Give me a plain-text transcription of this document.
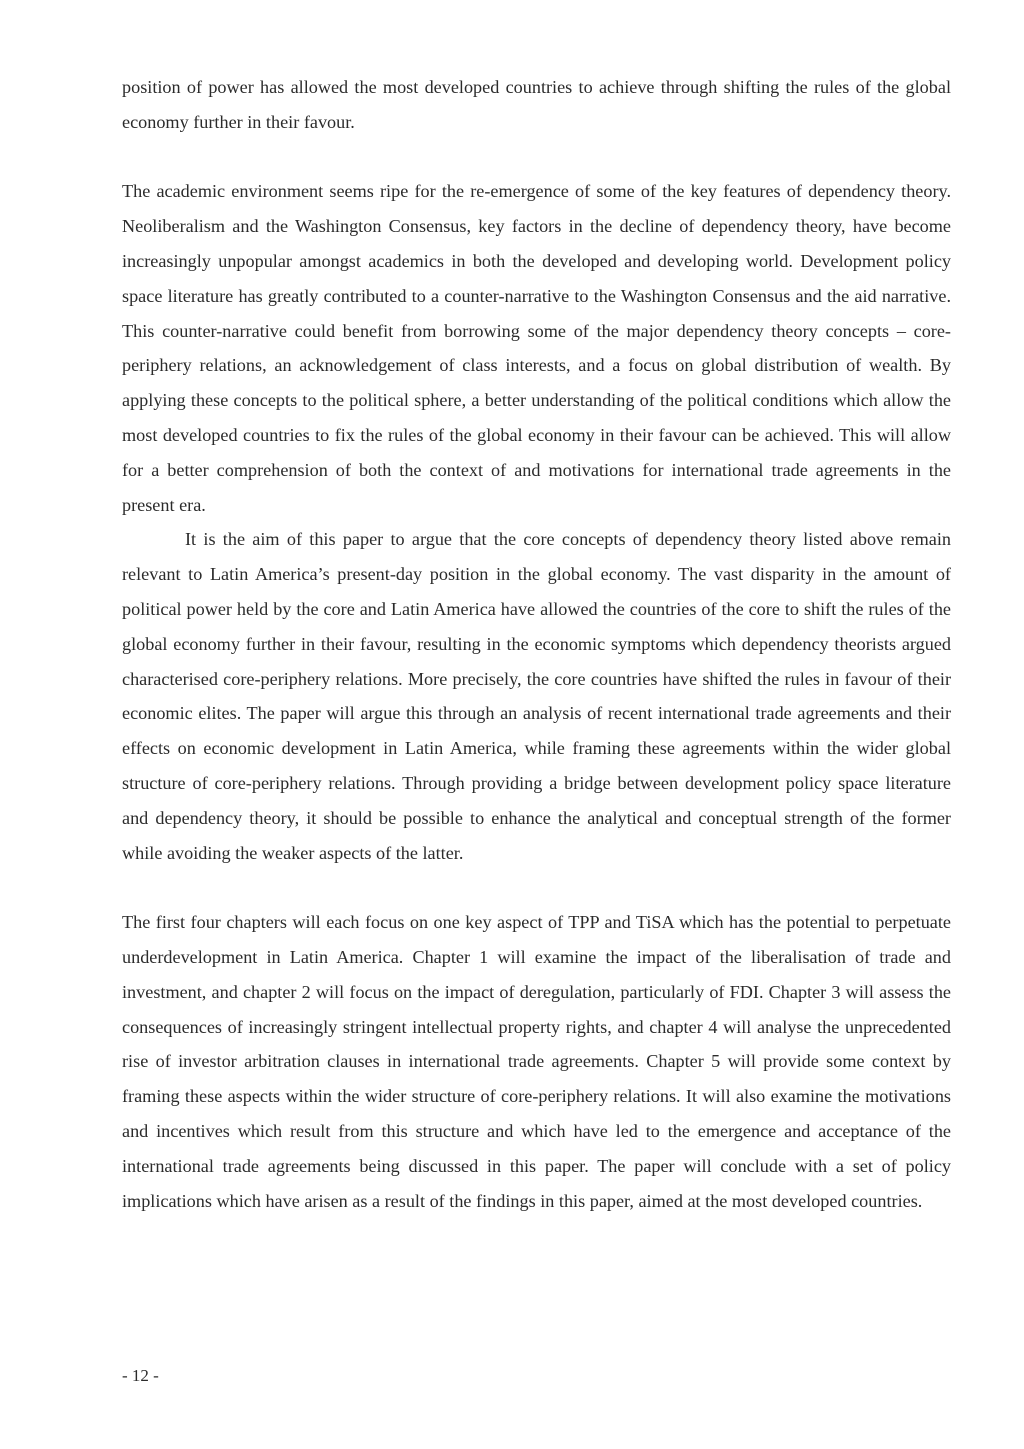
position of power has allowed the most developed countries to achieve through shifting the rules of the global economy further in their favour.

The academic environment seems ripe for the re-emergence of some of the key features of dependency theory. Neoliberalism and the Washington Consensus, key factors in the decline of dependency theory, have become increasingly unpopular amongst academics in both the developed and developing world. Development policy space literature has greatly contributed to a counter-narrative to the Washington Consensus and the aid narrative. This counter-narrative could benefit from borrowing some of the major dependency theory concepts – core-periphery relations, an acknowledgement of class interests, and a focus on global distribution of wealth. By applying these concepts to the political sphere, a better understanding of the political conditions which allow the most developed countries to fix the rules of the global economy in their favour can be achieved. This will allow for a better comprehension of both the context of and motivations for international trade agreements in the present era.

It is the aim of this paper to argue that the core concepts of dependency theory listed above remain relevant to Latin America’s present-day position in the global economy. The vast disparity in the amount of political power held by the core and Latin America have allowed the countries of the core to shift the rules of the global economy further in their favour, resulting in the economic symptoms which dependency theorists argued characterised core-periphery relations. More precisely, the core countries have shifted the rules in favour of their economic elites. The paper will argue this through an analysis of recent international trade agreements and their effects on economic development in Latin America, while framing these agreements within the wider global structure of core-periphery relations. Through providing a bridge between development policy space literature and dependency theory, it should be possible to enhance the analytical and conceptual strength of the former while avoiding the weaker aspects of the latter.

The first four chapters will each focus on one key aspect of TPP and TiSA which has the potential to perpetuate underdevelopment in Latin America. Chapter 1 will examine the impact of the liberalisation of trade and investment, and chapter 2 will focus on the impact of deregulation, particularly of FDI. Chapter 3 will assess the consequences of increasingly stringent intellectual property rights, and chapter 4 will analyse the unprecedented rise of investor arbitration clauses in international trade agreements. Chapter 5 will provide some context by framing these aspects within the wider structure of core-periphery relations. It will also examine the motivations and incentives which result from this structure and which have led to the emergence and acceptance of the international trade agreements being discussed in this paper. The paper will conclude with a set of policy implications which have arisen as a result of the findings in this paper, aimed at the most developed countries.

- 12 -
